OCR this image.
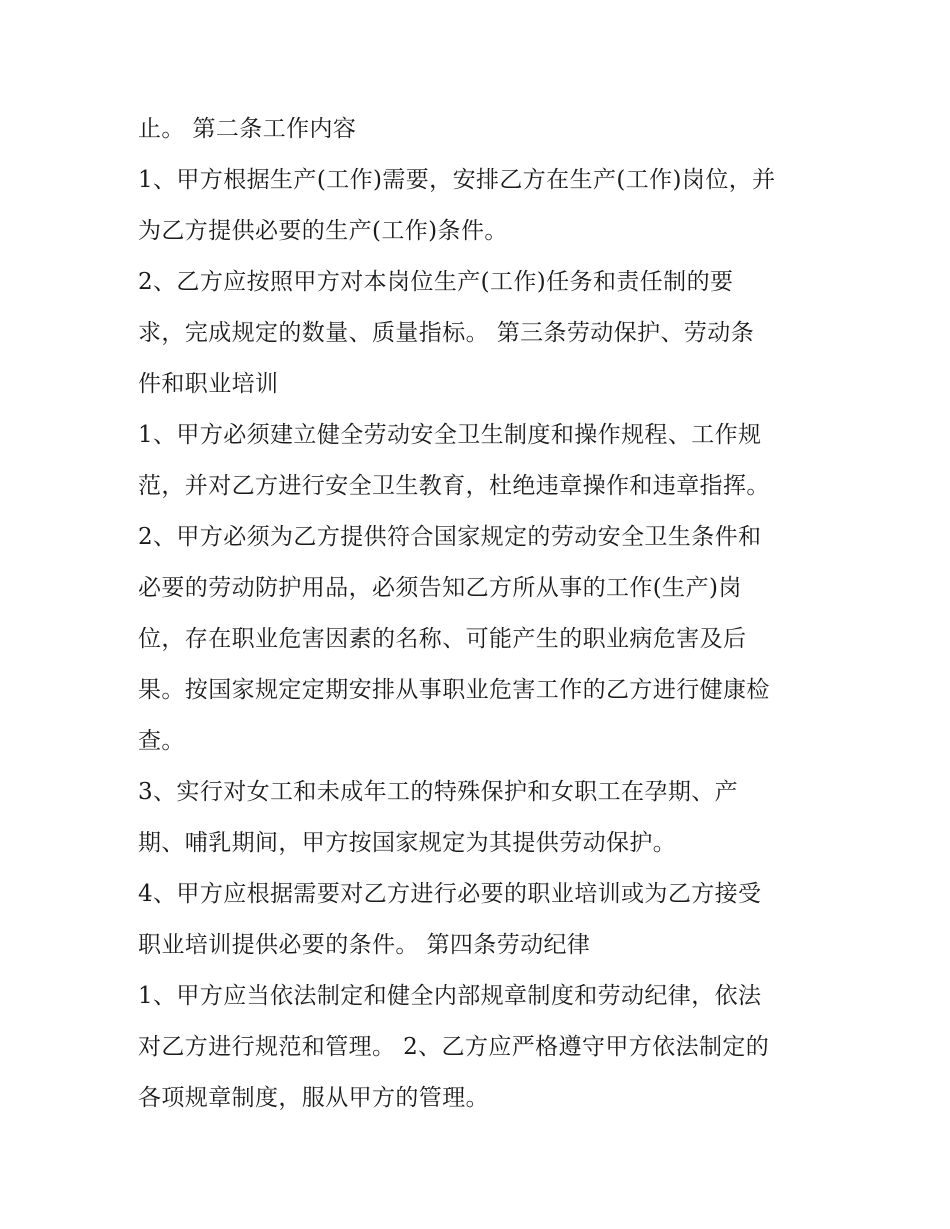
止。 第二条工作内容
1、甲方根据生产(工作)需要，安排乙方在生产(工作)岗位，并
为乙方提供必要的生产(工作)条件。
2、乙方应按照甲方对本岗位生产(工作)任务和责任制的要
求，完成规定的数量、质量指标。 第三条劳动保护、劳动条
件和职业培训
1、甲方必须建立健全劳动安全卫生制度和操作规程、工作规
范，并对乙方进行安全卫生教育，杜绝违章操作和违章指挥。
2、甲方必须为乙方提供符合国家规定的劳动安全卫生条件和
必要的劳动防护用品，必须告知乙方所从事的工作(生产)岗
位，存在职业危害因素的名称、可能产生的职业病危害及后
果。按国家规定定期安排从事职业危害工作的乙方进行健康检
查。
3、实行对女工和未成年工的特殊保护和女职工在孕期、产
期、哺乳期间，甲方按国家规定为其提供劳动保护。
4、甲方应根据需要对乙方进行必要的职业培训或为乙方接受
职业培训提供必要的条件。 第四条劳动纪律
1、甲方应当依法制定和健全内部规章制度和劳动纪律，依法
对乙方进行规范和管理。 2、乙方应严格遵守甲方依法制定的
各项规章制度，服从甲方的管理。
